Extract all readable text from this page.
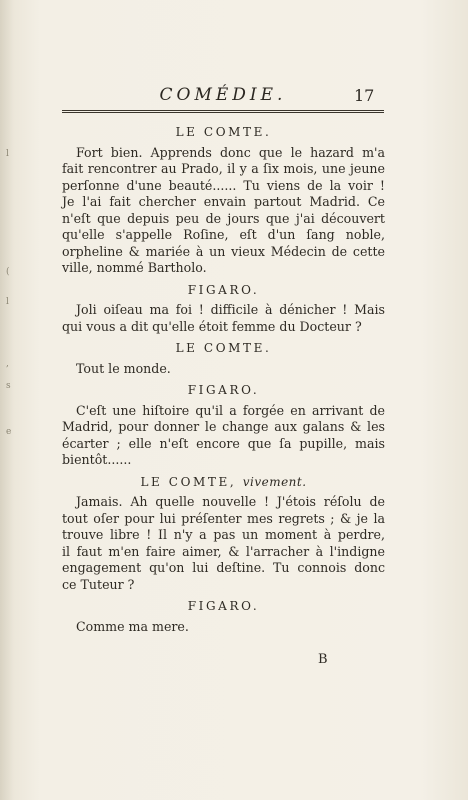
l
(
l
,
s
e
COMÉDIE.	17
LE COMTE.
Fort bien. Apprends donc que le hazard m'a
fait rencontrer au Prado, il y a ſix mois, une jeune
perſonne d'une beauté...... Tu viens de la voir !
Je l'ai fait chercher envain partout Madrid. Ce
n'eſt que depuis peu de jours que j'ai découvert
qu'elle s'appelle Roſine, eſt d'un ſang noble,
orpheline & mariée à un vieux Médecin de cette
ville, nommé Bartholo.
FIGARO.
Joli oiſeau ma foi ! difficile à dénicher ! Mais
qui vous a dit qu'elle étoit femme du Docteur ?
LE COMTE.
Tout le monde.
FIGARO.
C'eſt une hiſtoire qu'il a forgée en arrivant de
Madrid, pour donner le change aux galans & les
écarter ; elle n'eſt encore que ſa pupille, mais
bientôt......
LE COMTE, vivement.
Jamais. Ah quelle nouvelle ! J'étois réſolu de
tout oſer pour lui préſenter mes regrets ; & je la
trouve libre ! Il n'y a pas un moment à perdre,
il faut m'en faire aimer, & l'arracher à l'indigne
engagement qu'on lui deſtine. Tu connois donc
ce Tuteur ?
FIGARO.
Comme ma mere.
B
